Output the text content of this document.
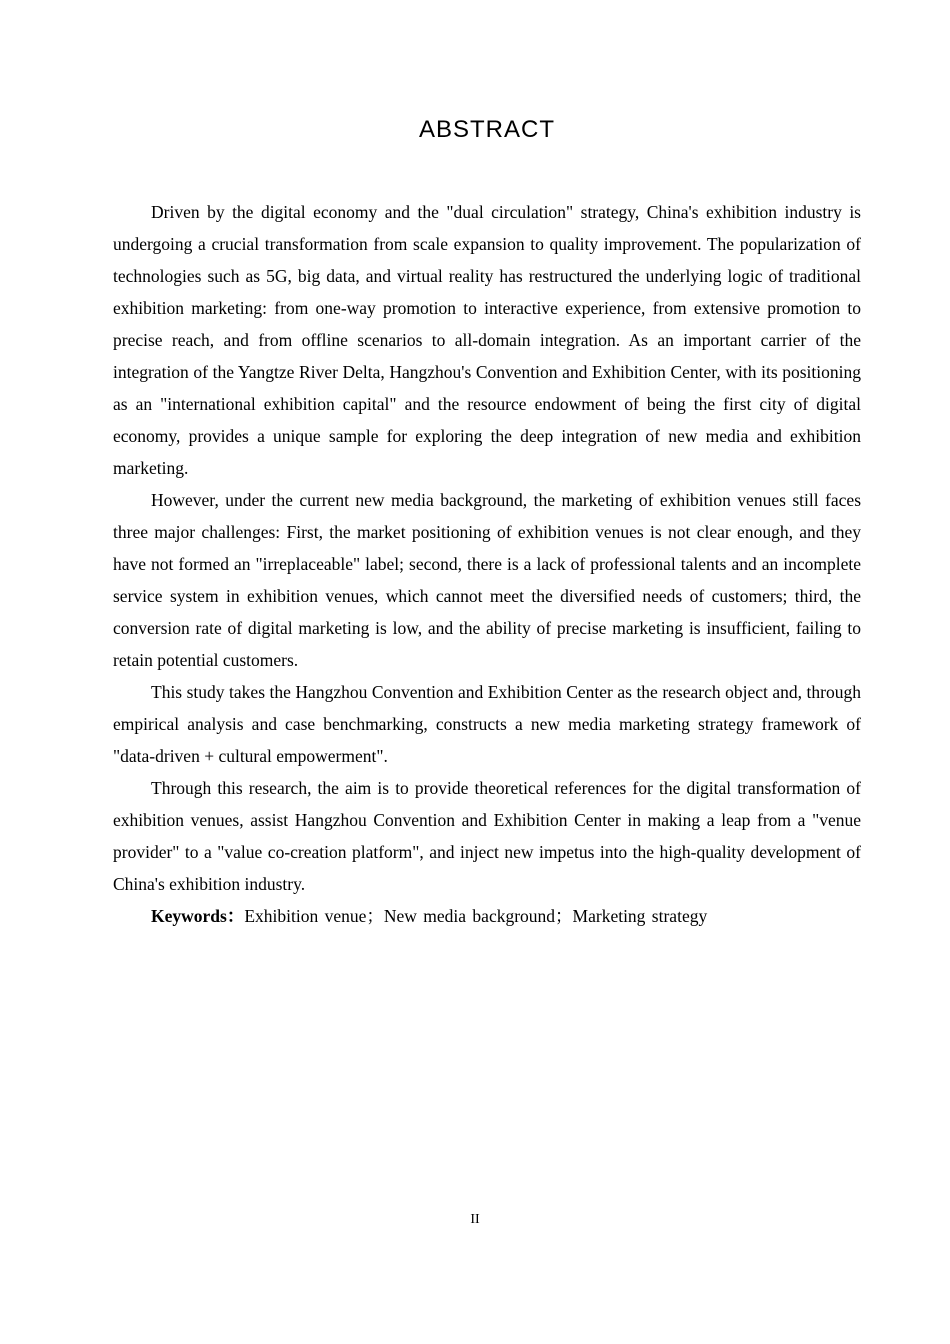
ABSTRACT

Driven by the digital economy and the "dual circulation" strategy, China's exhibition industry is undergoing a crucial transformation from scale expansion to quality improvement. The popularization of technologies such as 5G, big data, and virtual reality has restructured the underlying logic of traditional exhibition marketing: from one-way promotion to interactive experience, from extensive promotion to precise reach, and from offline scenarios to all-domain integration. As an important carrier of the integration of the Yangtze River Delta, Hangzhou's Convention and Exhibition Center, with its positioning as an "international exhibition capital" and the resource endowment of being the first city of digital economy, provides a unique sample for exploring the deep integration of new media and exhibition marketing.

However, under the current new media background, the marketing of exhibition venues still faces three major challenges: First, the market positioning of exhibition venues is not clear enough, and they have not formed an "irreplaceable" label; second, there is a lack of professional talents and an incomplete service system in exhibition venues, which cannot meet the diversified needs of customers; third, the conversion rate of digital marketing is low, and the ability of precise marketing is insufficient, failing to retain potential customers.

This study takes the Hangzhou Convention and Exhibition Center as the research object and, through empirical analysis and case benchmarking, constructs a new media marketing strategy framework of "data-driven + cultural empowerment".

Through this research, the aim is to provide theoretical references for the digital transformation of exhibition venues, assist Hangzhou Convention and Exhibition Center in making a leap from a "venue provider" to a "value co-creation platform", and inject new impetus into the high-quality development of China's exhibition industry.

Keywords：Exhibition venue；New media background；Marketing strategy

II
